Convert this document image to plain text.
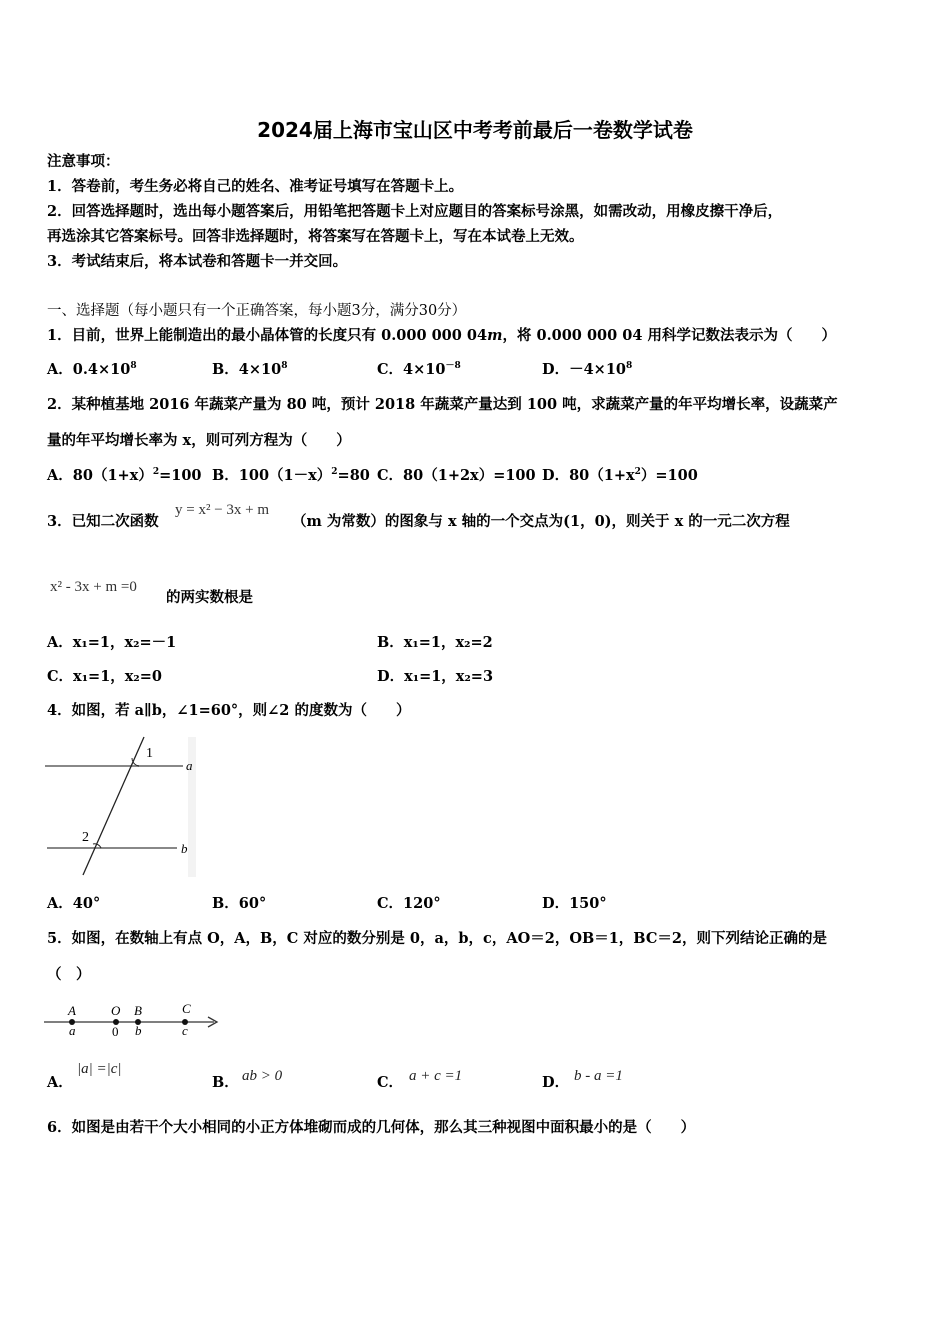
2024届上海市宝山区中考考前最后一卷数学试卷
注意事项：
1．答卷前，考生务必将自己的姓名、准考证号填写在答题卡上。
2．回答选择题时，选出每小题答案后，用铅笔把答题卡上对应题目的答案标号涂黑，如需改动，用橡皮擦干净后，
再选涂其它答案标号。回答非选择题时，将答案写在答题卡上，写在本试卷上无效。
3．考试结束后，将本试卷和答题卡一并交回。
一、选择题（每小题只有一个正确答案，每小题3分，满分30分）
1．目前，世界上能制造出的最小晶体管的长度只有 0.000 000 04m，将 0.000 000 04 用科学记数法表示为（　　）
A．$0.4\times 10^8$	B．$4\times 10^8$	C．$4\times 10^{-8}$	D．$-4\times 10^8$
2．某种植基地 2016 年蔬菜产量为 80 吨，预计 2018 年蔬菜产量达到 100 吨，求蔬菜产量的年平均增长率，设蔬菜产
量的年平均增长率为 x，则可列方程为（　　）
A．$80(1+x)^2=100$ B．$100(1-x)^2=80$ C．80（1+2x）=100 D．$80(1+x^2)=100$
3．已知二次函数
y = x² − 3x + m
（m 为常数）的图象与 x 轴的一个交点为(1，0)，则关于 x 的一元二次方程
x² - 3x + m =0
的两实数根是
A．x₁=1，x₂=－1	B．x₁=1，x₂=2
C．x₁=1，x₂=0	D．x₁=1，x₂=3
4．如图，若 a∥b，∠1=60°，则∠2 的度数为（　　）
1
2
a
b
A．40°	B．60°	C．120°	D．150°
5．如图，在数轴上有点 O，A，B，C 对应的数分别是 0，a，b，c，AO＝2，OB＝1，BC＝2，则下列结论正确的是
（　）
A	O B	C
a	0 b	c
A．
|a| =|c|
B． ab > 0	C． a + c =1	D． b - a =1
6．如图是由若干个大小相同的小正方体堆砌而成的几何体，那么其三种视图中面积最小的是（　　）
